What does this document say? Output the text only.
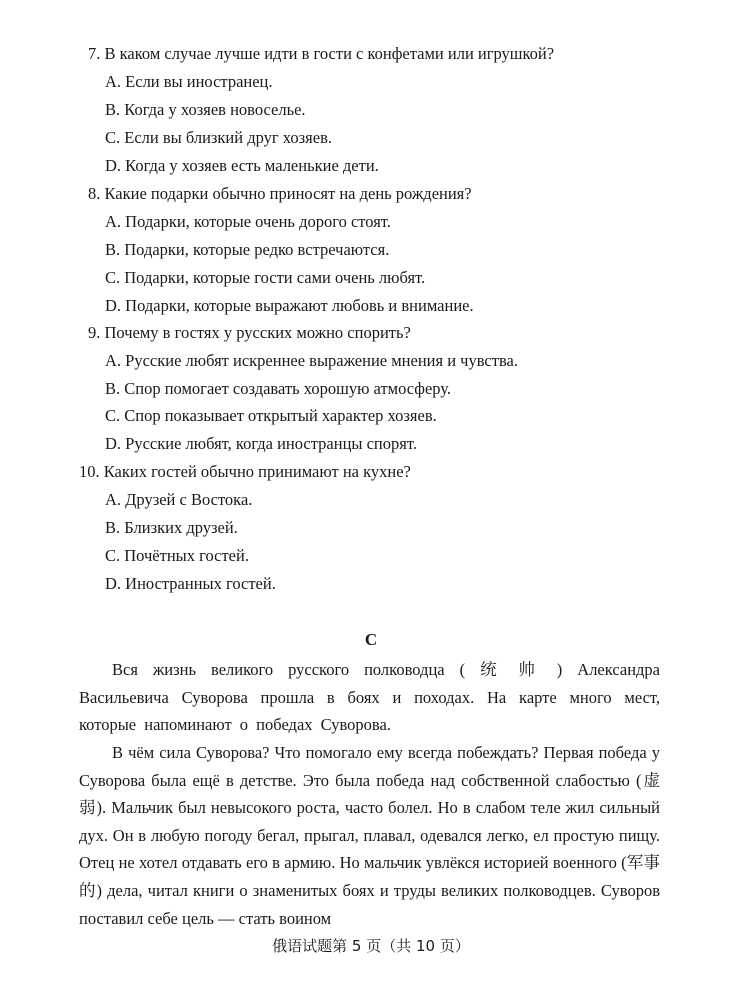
7. В каком случае лучше идти в гости с конфетами или игрушкой?
A. Если вы иностранец.
B. Когда у хозяев новоселье.
C. Если вы близкий друг хозяев.
D. Когда у хозяев есть маленькие дети.
8. Какие подарки обычно приносят на день рождения?
A. Подарки, которые очень дорого стоят.
B. Подарки, которые редко встречаются.
C. Подарки, которые гости сами очень любят.
D. Подарки, которые выражают любовь и внимание.
9. Почему в гостях у русских можно спорить?
A. Русские любят искреннее выражение мнения и чувства.
B. Спор помогает создавать хорошую атмосферу.
C. Спор показывает открытый характер хозяев.
D. Русские любят, когда иностранцы спорят.
10. Каких гостей обычно принимают на кухне?
A. Друзей с Востока.
B. Близких друзей.
C. Почётных гостей.
D. Иностранных гостей.
C
Вся жизнь великого русского полководца ( 统 帅 ) Александра Васильевича Суворова прошла в боях и походах. На карте много мест, которые напоминают о победах Суворова.
В чём сила Суворова? Что помогало ему всегда побеждать? Первая победа у Суворова была ещё в детстве. Это была победа над собственной слабостью (虚弱). Мальчик был невысокого роста, часто болел. Но в слабом теле жил сильный дух. Он в любую погоду бегал, прыгал, плавал, одевался легко, ел простую пищу. Отец не хотел отдавать его в армию. Но мальчик увлёкся историей военного (军事的) дела, читал книги о знаменитых боях и труды великих полководцев. Суворов поставил себе цель — стать воином
俄语试题第 5 页（共 10 页）
